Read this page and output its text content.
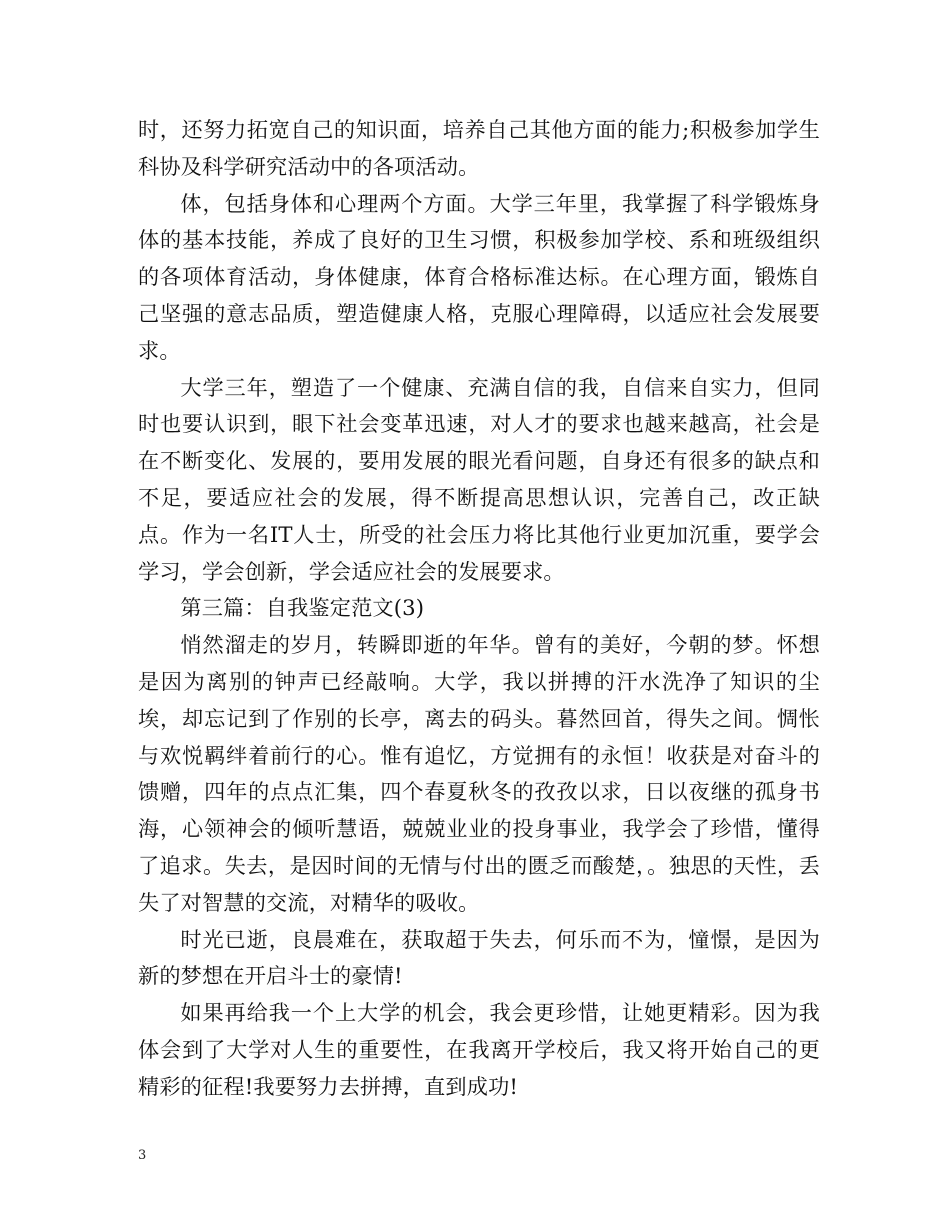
时，还努力拓宽自己的知识面，培养自己其他方面的能力;积极参加学生科协及科学研究活动中的各项活动。

体，包括身体和心理两个方面。大学三年里，我掌握了科学锻炼身体的基本技能，养成了良好的卫生习惯，积极参加学校、系和班级组织的各项体育活动，身体健康，体育合格标准达标。在心理方面，锻炼自己坚强的意志品质，塑造健康人格，克服心理障碍，以适应社会发展要求。

大学三年，塑造了一个健康、充满自信的我，自信来自实力，但同时也要认识到，眼下社会变革迅速，对人才的要求也越来越高，社会是在不断变化、发展的，要用发展的眼光看问题，自身还有很多的缺点和不足，要适应社会的发展，得不断提高思想认识，完善自己，改正缺点。作为一名IT人士，所受的社会压力将比其他行业更加沉重，要学会学习，学会创新，学会适应社会的发展要求。

第三篇：自我鉴定范文(3)

悄然溜走的岁月，转瞬即逝的年华。曾有的美好，今朝的梦。怀想是因为离别的钟声已经敲响。大学，我以拼搏的汗水洗净了知识的尘埃，却忘记到了作别的长亭，离去的码头。暮然回首，得失之间。惆怅与欢悦羁绊着前行的心。惟有追忆，方觉拥有的永恒！收获是对奋斗的馈赠，四年的点点汇集，四个春夏秋冬的孜孜以求，日以夜继的孤身书海，心领神会的倾听慧语，兢兢业业的投身事业，我学会了珍惜，懂得了追求。失去，是因时间的无情与付出的匮乏而酸楚，。独思的天性，丢失了对智慧的交流，对精华的吸收。

时光已逝，良晨难在，获取超于失去，何乐而不为，憧憬，是因为新的梦想在开启斗士的豪情!

如果再给我一个上大学的机会，我会更珍惜，让她更精彩。因为我体会到了大学对人生的重要性，在我离开学校后，我又将开始自己的更精彩的征程!我要努力去拼搏，直到成功!

3
